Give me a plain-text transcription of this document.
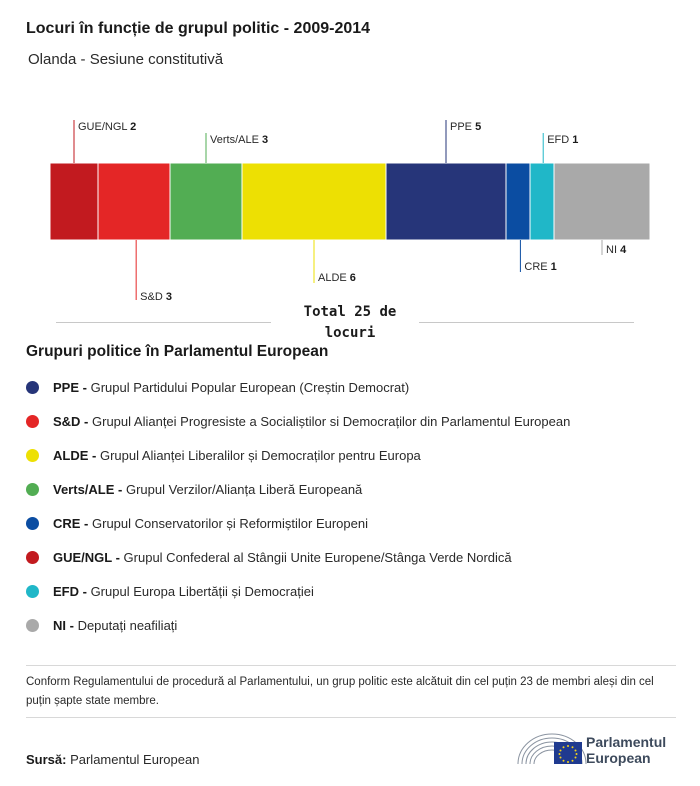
Locuri în funcție de grupul politic - 2009-2014
Olanda - Sesiune constitutivă
GUE/NGL 2
S&D 3
Verts/ALE 3
ALDE 6
PPE 5
CRE 1
EFD 1
NI 4
Total 25 de locuri
Grupuri politice în Parlamentul European
PPE - Grupul Partidului Popular European (Creștin Democrat)
S&D - Grupul Alianței Progresiste a Socialiștilor si Democraților din Parlamentul European
ALDE - Grupul Alianței Liberalilor și Democraților pentru Europa
Verts/ALE - Grupul Verzilor/Alianța Liberă Europeană
CRE - Grupul Conservatorilor și Reformiștilor Europeni
GUE/NGL - Grupul Confederal al Stângii Unite Europene/Stânga Verde Nordică
EFD - Grupul Europa Libertății și Democrației
NI - Deputați neafiliați
Conform Regulamentului de procedură al Parlamentului, un grup politic este alcătuit din cel puțin 23 de membri aleși din cel puțin șapte state membre.
Sursă: Parlamentul European
Parlamentul
European
